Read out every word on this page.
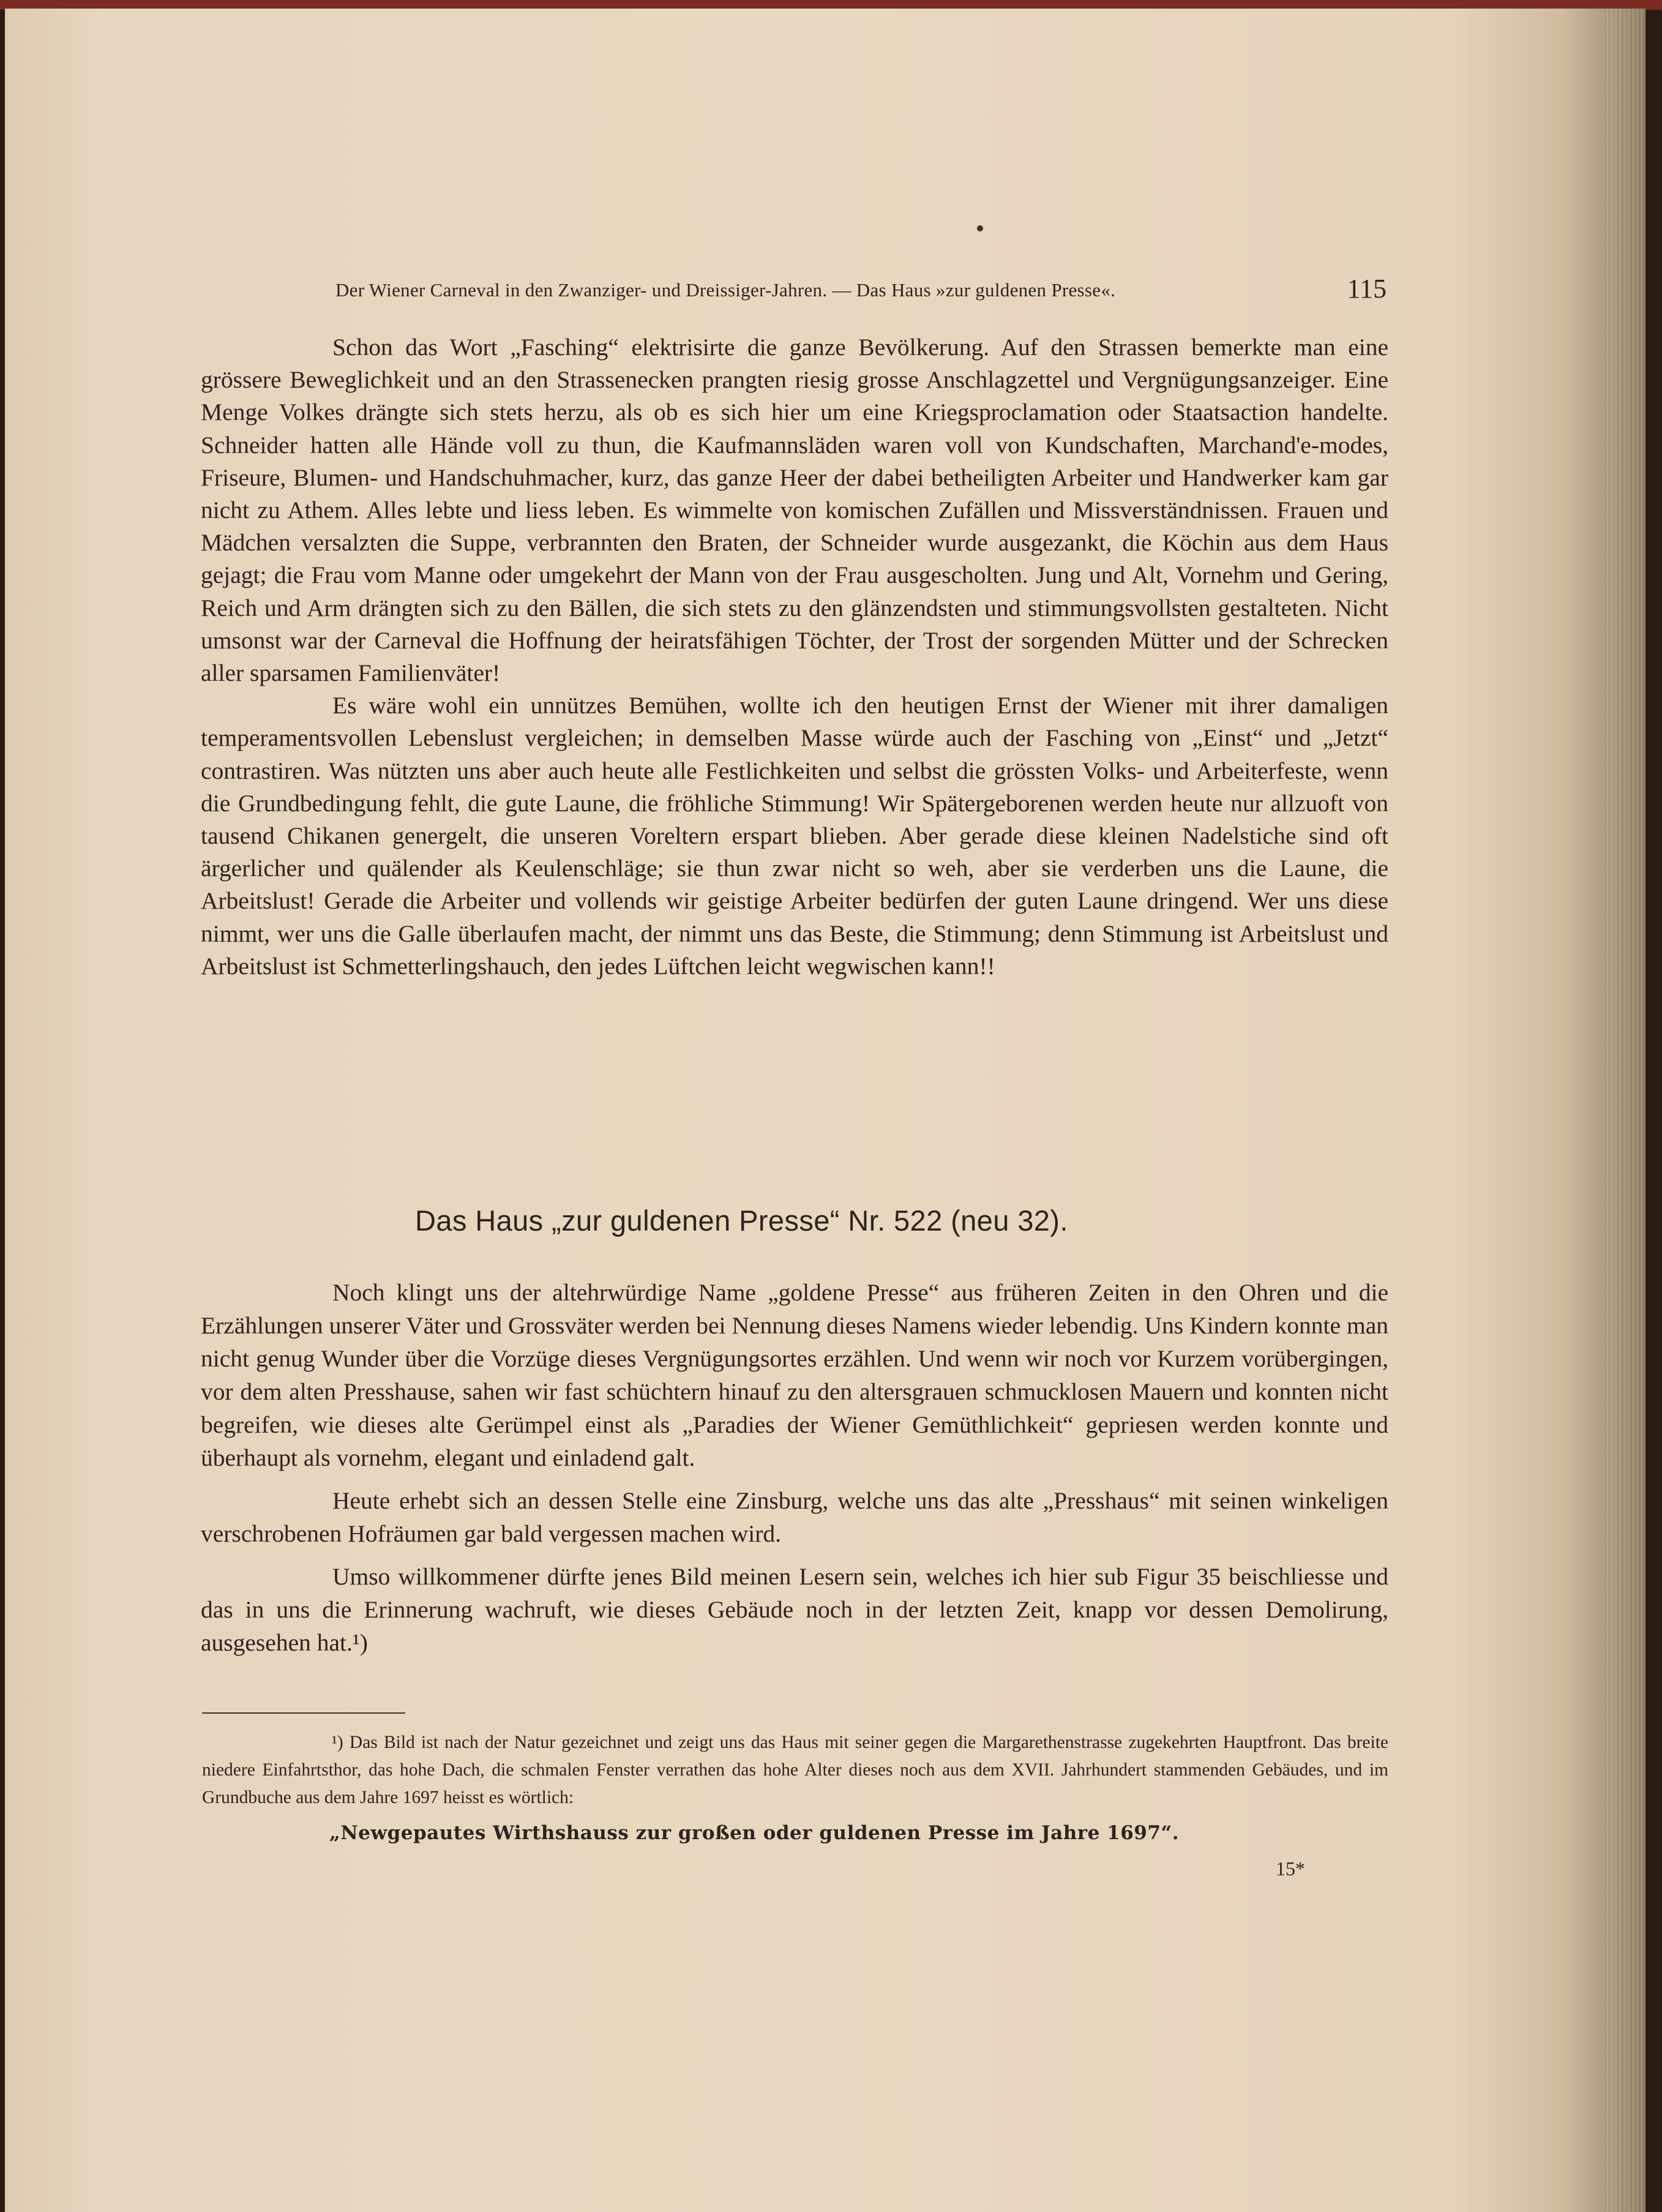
Der Wiener Carneval in den Zwanziger- und Dreissiger-Jahren. — Das Haus »zur guldenen Presse«.	115

Schon das Wort „Fasching“ elektrisirte die ganze Bevölkerung. Auf den Strassen bemerkte man eine grössere Beweglichkeit und an den Strassenecken prangten riesig grosse Anschlagzettel und Vergnügungsanzeiger. Eine Menge Volkes drängte sich stets herzu, als ob es sich hier um eine Kriegsproclamation oder Staatsaction handelte. Schneider hatten alle Hände voll zu thun, die Kaufmannsläden waren voll von Kundschaften, Marchand'e-modes, Friseure, Blumen- und Handschuhmacher, kurz, das ganze Heer der dabei betheiligten Arbeiter und Handwerker kam gar nicht zu Athem. Alles lebte und liess leben. Es wimmelte von komischen Zufällen und Missverständnissen. Frauen und Mädchen versalzten die Suppe, verbrannten den Braten, der Schneider wurde ausgezankt, die Köchin aus dem Haus gejagt; die Frau vom Manne oder umgekehrt der Mann von der Frau ausgescholten. Jung und Alt, Vornehm und Gering, Reich und Arm drängten sich zu den Bällen, die sich stets zu den glänzendsten und stimmungsvollsten gestalteten. Nicht umsonst war der Carneval die Hoffnung der heiratsfähigen Töchter, der Trost der sorgenden Mütter und der Schrecken aller sparsamen Familienväter!

Es wäre wohl ein unnützes Bemühen, wollte ich den heutigen Ernst der Wiener mit ihrer damaligen temperamentsvollen Lebenslust vergleichen; in demselben Masse würde auch der Fasching von „Einst“ und „Jetzt“ contrastiren. Was nützten uns aber auch heute alle Festlichkeiten und selbst die grössten Volks- und Arbeiterfeste, wenn die Grundbedingung fehlt, die gute Laune, die fröhliche Stimmung! Wir Spätergeborenen werden heute nur allzuoft von tausend Chikanen genergelt, die unseren Voreltern erspart blieben. Aber gerade diese kleinen Nadelstiche sind oft ärgerlicher und quälender als Keulenschläge; sie thun zwar nicht so weh, aber sie verderben uns die Laune, die Arbeitslust! Gerade die Arbeiter und vollends wir geistige Arbeiter bedürfen der guten Laune dringend. Wer uns diese nimmt, wer uns die Galle überlaufen macht, der nimmt uns das Beste, die Stimmung; denn Stimmung ist Arbeitslust und Arbeitslust ist Schmetterlingshauch, den jedes Lüftchen leicht wegwischen kann!!

Das Haus „zur guldenen Presse“ Nr. 522 (neu 32).

Noch klingt uns der altehrwürdige Name „goldene Presse“ aus früheren Zeiten in den Ohren und die Erzählungen unserer Väter und Grossväter werden bei Nennung dieses Namens wieder lebendig. Uns Kindern konnte man nicht genug Wunder über die Vorzüge dieses Vergnügungsortes erzählen. Und wenn wir noch vor Kurzem vorübergingen, vor dem alten Presshause, sahen wir fast schüchtern hinauf zu den altersgrauen schmucklosen Mauern und konnten nicht begreifen, wie dieses alte Gerümpel einst als „Paradies der Wiener Gemüthlichkeit“ gepriesen werden konnte und überhaupt als vornehm, elegant und einladend galt.

Heute erhebt sich an dessen Stelle eine Zinsburg, welche uns das alte „Presshaus“ mit seinen winkeligen verschrobenen Hofräumen gar bald vergessen machen wird.

Umso willkommener dürfte jenes Bild meinen Lesern sein, welches ich hier sub Figur 35 beischliesse und das in uns die Erinnerung wachruft, wie dieses Gebäude noch in der letzten Zeit, knapp vor dessen Demolirung, ausgesehen hat.¹)

¹) Das Bild ist nach der Natur gezeichnet und zeigt uns das Haus mit seiner gegen die Margarethenstrasse zugekehrten Hauptfront. Das breite niedere Einfahrtsthor, das hohe Dach, die schmalen Fenster verrathen das hohe Alter dieses noch aus dem XVII. Jahrhundert stammenden Gebäudes, und im Grundbuche aus dem Jahre 1697 heisst es wörtlich:
„Newgepautes Wirthshauss zur großen oder guldenen Presse im Jahre 1697“.
15*
